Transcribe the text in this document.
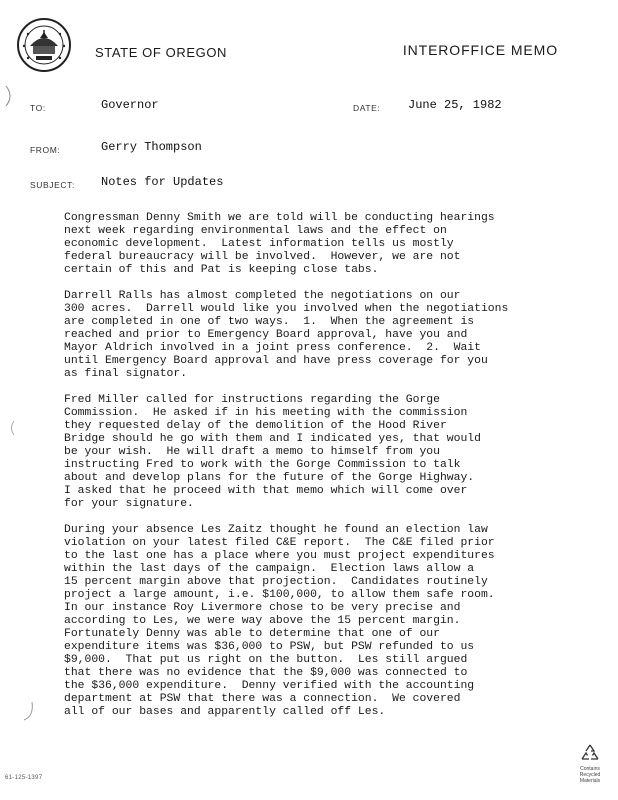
STATE OF OREGON	INTEROFFICE MEMO
TO:	Governor	DATE: June 25, 1982
FROM:	Gerry Thompson
SUBJECT: Notes for Updates
Congressman Denny Smith we are told will be conducting hearings
next week regarding environmental laws and the effect on
economic development.  Latest information tells us mostly
federal bureaucracy will be involved.  However, we are not
certain of this and Pat is keeping close tabs.
Darrell Ralls has almost completed the negotiations on our
300 acres.  Darrell would like you involved when the negotiations
are completed in one of two ways.  1.  When the agreement is
reached and prior to Emergency Board approval, have you and
Mayor Aldrich involved in a joint press conference.  2.  Wait
until Emergency Board approval and have press coverage for you
as final signator.
Fred Miller called for instructions regarding the Gorge
Commission.  He asked if in his meeting with the commission
they requested delay of the demolition of the Hood River
Bridge should he go with them and I indicated yes, that would
be your wish.  He will draft a memo to himself from you
instructing Fred to work with the Gorge Commission to talk
about and develop plans for the future of the Gorge Highway.
I asked that he proceed with that memo which will come over
for your signature.
During your absence Les Zaitz thought he found an election law
violation on your latest filed C&E report.  The C&E filed prior
to the last one has a place where you must project expenditures
within the last days of the campaign.  Election laws allow a
15 percent margin above that projection.  Candidates routinely
project a large amount, i.e. $100,000, to allow them safe room.
In our instance Roy Livermore chose to be very precise and
according to Les, we were way above the 15 percent margin.
Fortunately Denny was able to determine that one of our
expenditure items was $36,000 to PSW, but PSW refunded to us
$9,000.  That put us right on the button.  Les still argued
that there was no evidence that the $9,000 was connected to
the $36,000 expenditure.  Denny verified with the accounting
department at PSW that there was a connection.  We covered
all of our bases and apparently called off Les.
61-125-1397
Contains Recycled Materials
